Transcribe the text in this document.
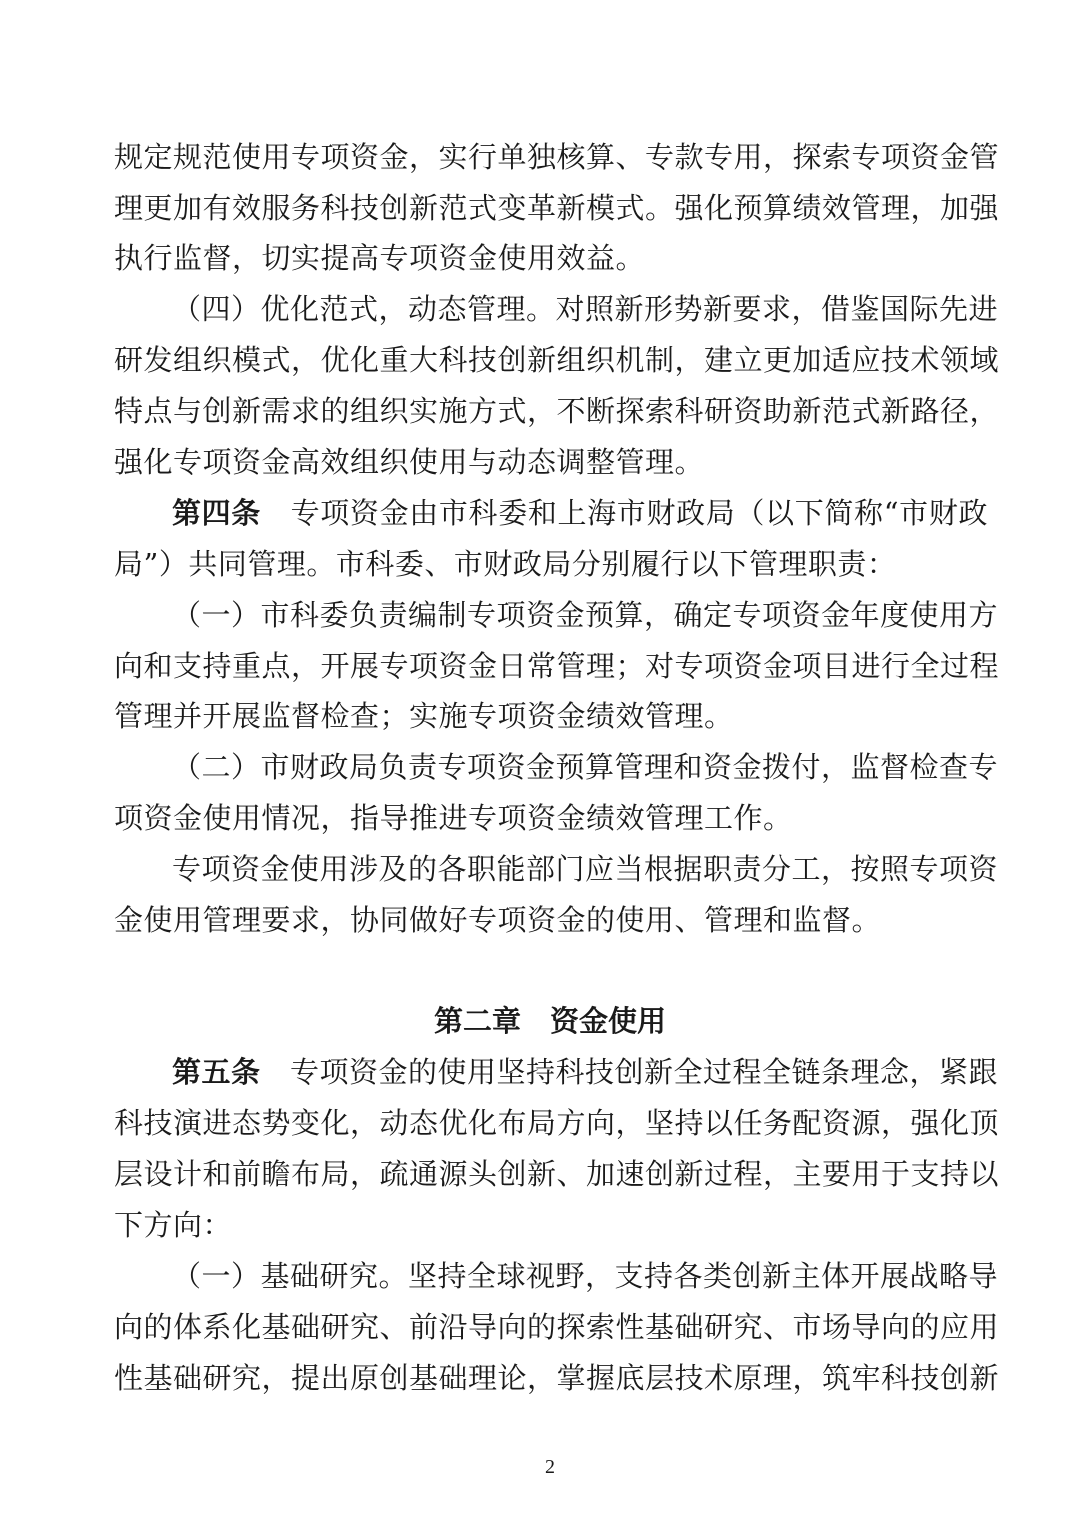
规定规范使用专项资金，实行单独核算、专款专用，探索专项资金管

理更加有效服务科技创新范式变革新模式。强化预算绩效管理，加强

执行监督，切实提高专项资金使用效益。

（四）优化范式，动态管理。对照新形势新要求，借鉴国际先进

研发组织模式，优化重大科技创新组织机制，建立更加适应技术领域

特点与创新需求的组织实施方式，不断探索科研资助新范式新路径，

强化专项资金高效组织使用与动态调整管理。

第四条　 专项资金由市科委和上海市财政局（以下简称“市财政

局”）共同管理。市科委、市财政局分别履行以下管理职责：

（一）市科委负责编制专项资金预算，确定专项资金年度使用方

向和支持重点，开展专项资金日常管理；对专项资金项目进行全过程

管理并开展监督检查；实施专项资金绩效管理。

（二）市财政局负责专项资金预算管理和资金拨付，监督检查专

项资金使用情况，指导推进专项资金绩效管理工作。

专项资金使用涉及的各职能部门应当根据职责分工，按照专项资

金使用管理要求，协同做好专项资金的使用、管理和监督。

第二章　资金使用

第五条　 专项资金的使用坚持科技创新全过程全链条理念，紧跟

科技演进态势变化，动态优化布局方向，坚持以任务配资源，强化顶

层设计和前瞻布局，疏通源头创新、加速创新过程，主要用于支持以

下方向：

（一）基础研究。坚持全球视野，支持各类创新主体开展战略导

向的体系化基础研究、前沿导向的探索性基础研究、市场导向的应用

性基础研究，提出原创基础理论，掌握底层技术原理，筑牢科技创新

2
